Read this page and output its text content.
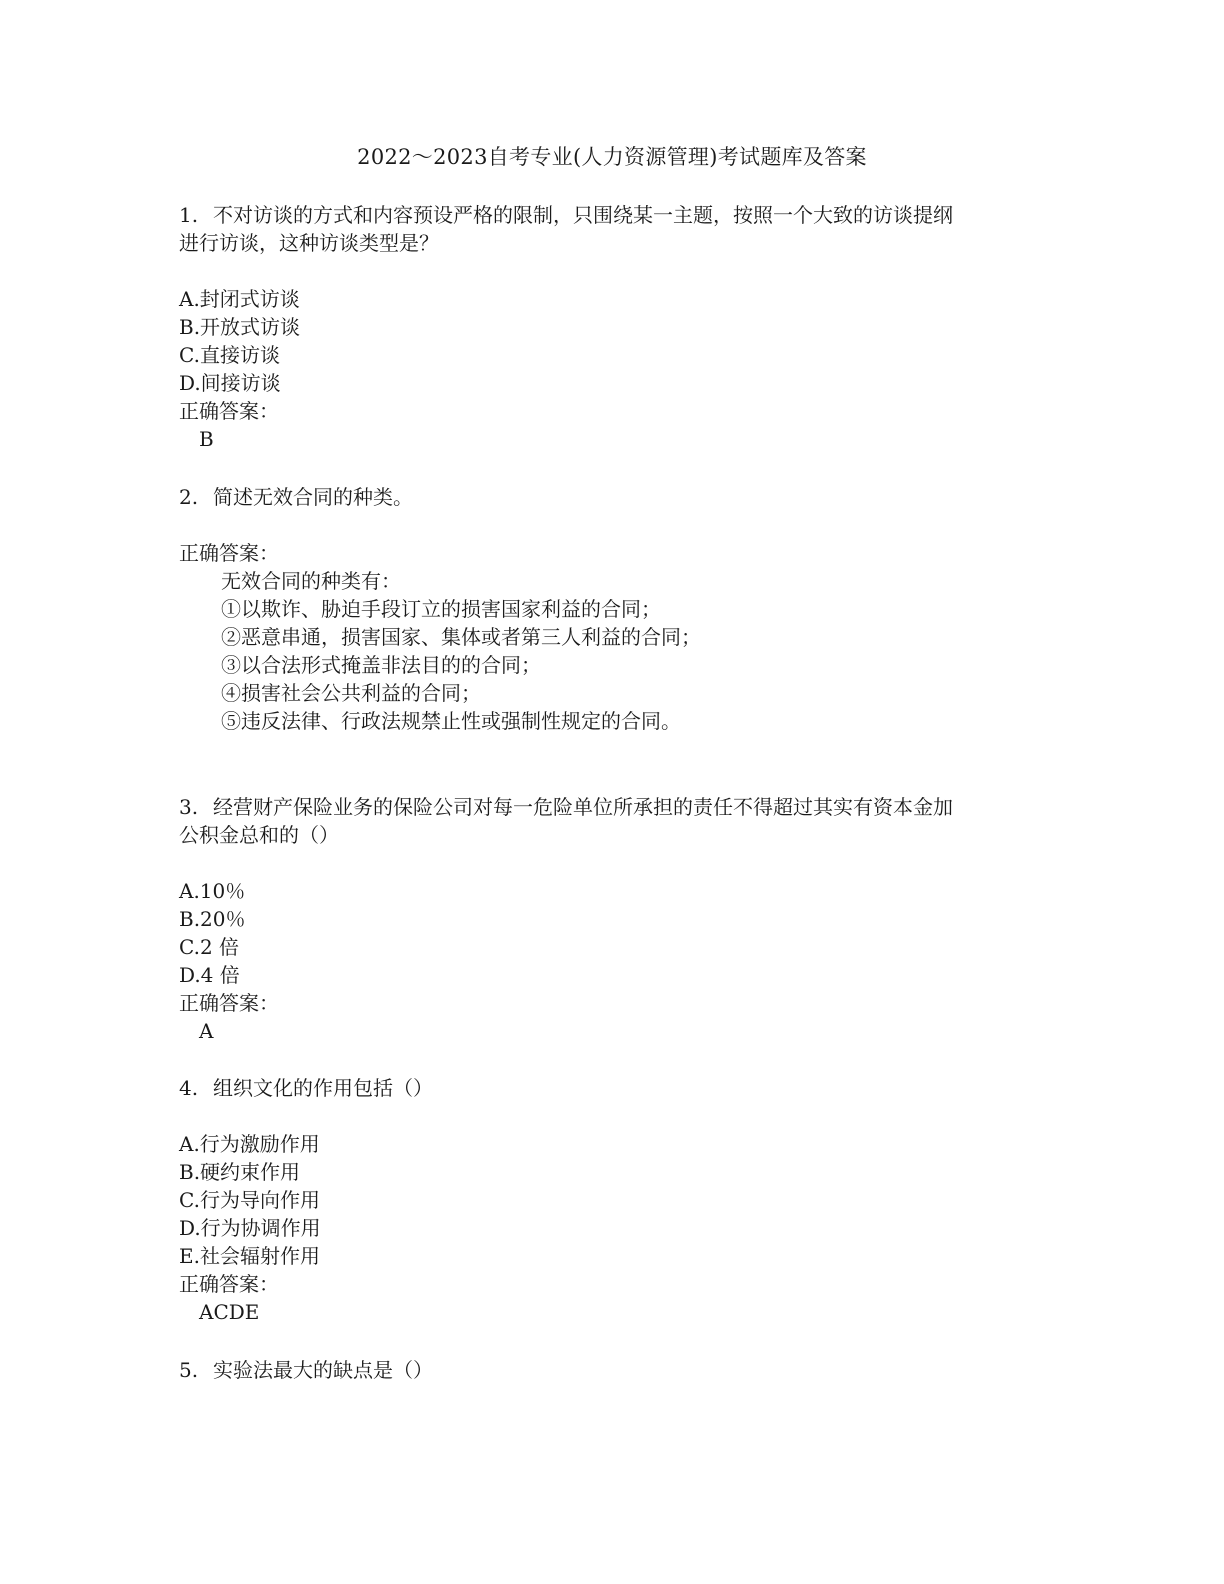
2022～2023自考专业(人力资源管理)考试题库及答案
1. 不对访谈的方式和内容预设严格的限制，只围绕某一主题，按照一个大致的访谈提纲
进行访谈，这种访谈类型是？
A.封闭式访谈
B.开放式访谈
C.直接访谈
D.间接访谈
正确答案：
B
2. 简述无效合同的种类。
正确答案：
无效合同的种类有：
①以欺诈、胁迫手段订立的损害国家利益的合同；
②恶意串通，损害国家、集体或者第三人利益的合同；
③以合法形式掩盖非法目的的合同；
④损害社会公共利益的合同；
⑤违反法律、行政法规禁止性或强制性规定的合同。
3. 经营财产保险业务的保险公司对每一危险单位所承担的责任不得超过其实有资本金加
公积金总和的（）
A.10％
B.20％
C.2 倍
D.4 倍
正确答案：
A
4. 组织文化的作用包括（）
A.行为激励作用
B.硬约束作用
C.行为导向作用
D.行为协调作用
E.社会辐射作用
正确答案：
ACDE
5. 实验法最大的缺点是（）
